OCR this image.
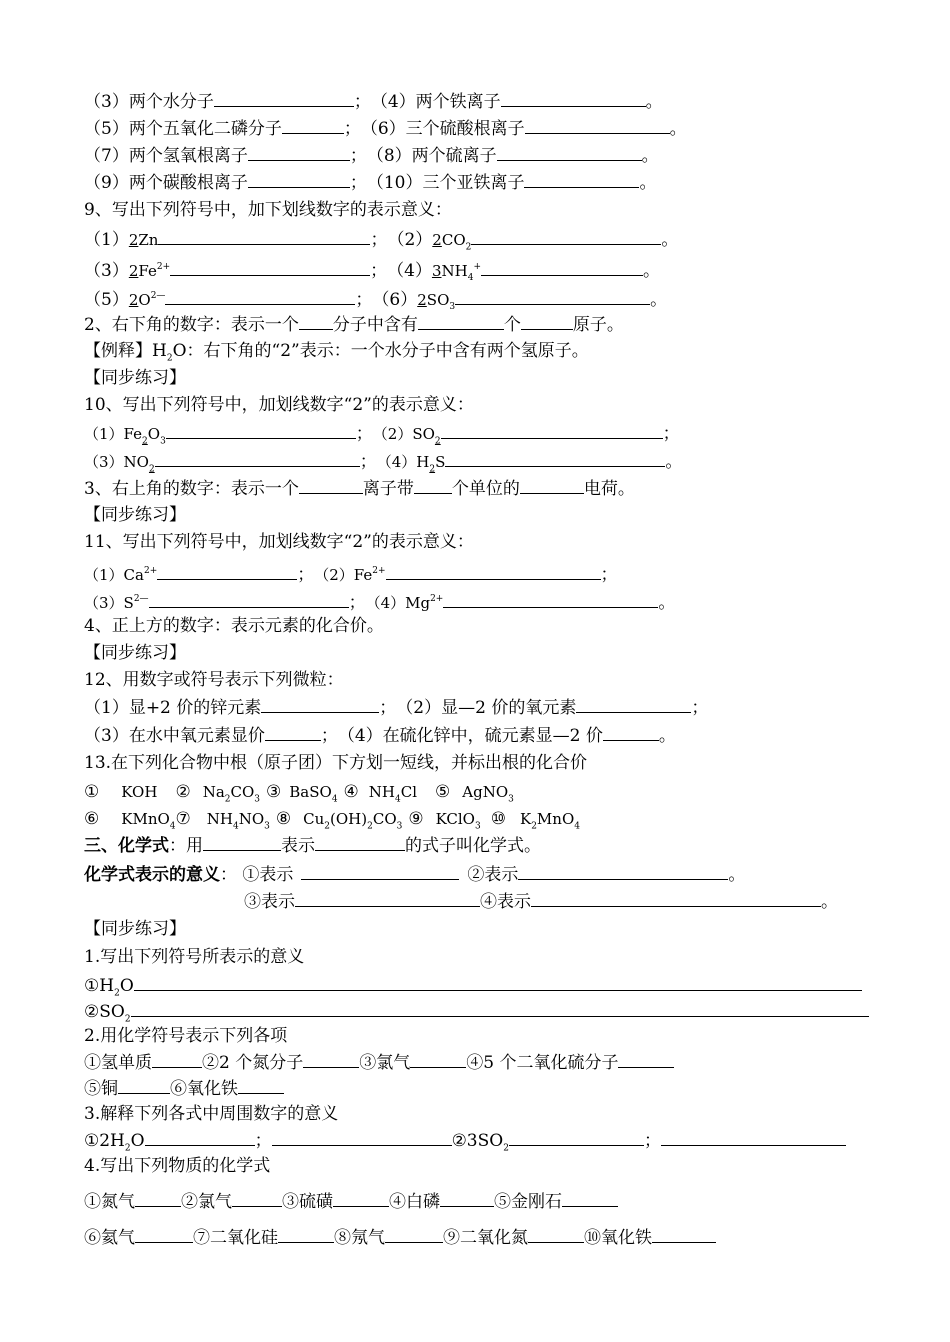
（3）两个水分子	；（4）两个铁离子	。
（5）两个五氧化二磷分子	；（6）三个硫酸根离子	。
（7）两个氢氧根离子	；（8）两个硫离子	。
（9）两个碳酸根离子	；（10）三个亚铁离子	。
9、写出下列符号中，加下划线数字的表示意义：
（1）2Zn	；$(2)2CO_2$	。
$(3)2Fe^{2+}$	；$(4)3NH_4^+$	。
$(5)2O^{2—}$	；$(6)2SO_3$	。
2、右下角的数字：表示一个 分子中含有	个	原子。
【例释】$H_2O$：右下角的“2”表示：一个水分子中含有两个氢原子。
【同步练习】
10、写出下列符号中，加划线数字“2”的表示意义：
$(1)Fe_2O_3$	；$(2)SO_2$	；
$(3)NO_2$	；$(4)H_2S$	。
3、右上角的数字：表示一个	离子带 个单位的	电荷。
【同步练习】
11、写出下列符号中，加划线数字“2”的表示意义：
$(1)Ca^{2+}$	；$(2)Fe^{2+}$	；
$(3)S^{2—}$	；$(4)Mg^{2+}$	。
4、正上方的数字：表示元素的化合价。
【同步练习】
12、用数字或符号表示下列微粒：
（1）显+2 价的锌元素	；（2）显—2 价的氧元素	；
（3）在水中氧元素显价	；（4）在硫化锌中，硫元素显—2 价	。
13.在下列化合物中根（原子团）下方划一短线，并标出根的化合价
① KOH ② $Na_2CO_3$ ③ BaSO$_4$ ④ $NH_4Cl$ ⑤ AgNO$_3$
⑥ KMnO$_4$⑦ $NH_4NO_3$ ⑧ $Cu_2(OH)_2CO_3$ ⑨ KClO$_3$ ⑩ $K_2MnO_4$
三、化学式：用	表示	的式子叫化学式。
化学式表示的意义： ①表示	②表示	。
③表示	④表示	。
【同步练习】
1.写出下列符号所表示的意义
$①H_2O$
$②SO_2$
2.用化学符号表示下列各项
①氢单质	②2 个氮分子	③氯气	④5 个二氧化硫分子
⑤铜	⑥氧化铁
3.解释下列各式中周围数字的意义
$①2H_2O$	；	$②3SO_2$	；
4.写出下列物质的化学式
①氮气	②氯气	③硫磺	④白磷	⑤金刚石
⑥氦气	⑦二氧化硅	⑧氖气	⑨二氧化氮	⑩氧化铁
